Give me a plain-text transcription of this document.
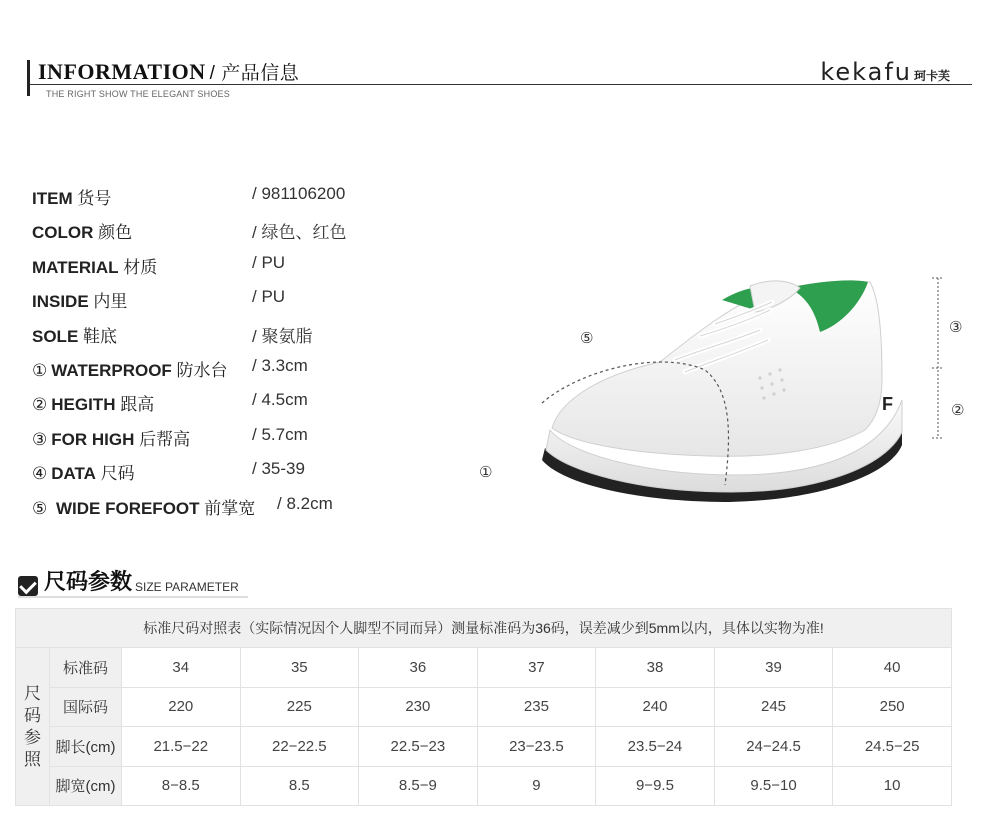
INFORMATION / 产品信息
THE RIGHT SHOW THE ELEGANT SHOES
kekafu 珂卡芙
ITEM 货号	/ 981106200
COLOR 颜色	/ 绿色、红色
MATERIAL 材质	/ PU
INSIDE 内里	/ PU
SOLE 鞋底	/ 聚氨脂
① WATERPROOF 防水台 / 3.3cm
② HEGITH 跟高	/ 4.5cm
③ FOR HIGH 后帮高	/ 5.7cm
④ DATA 尺码	/ 35-39
⑤ WIDE FOREFOOT 前掌宽 / 8.2cm
F
⑤
③
②
①
尺码参数 SIZE PARAMETER
标准尺码对照表（实际情况因个人脚型不同而异）测量标准码为36码，误差减少到5mm以内，具体以实物为准!								

尺
码
参
照	标准码	34	35	36	37	38	39	40
	国际码	220	225	230	235	240	245	250
	脚长(cm)	21.5−22	22−22.5	22.5−23	23−23.5	23.5−24	24−24.5	24.5−25
	脚宽(cm)	8−8.5	8.5	8.5−9	9	9−9.5	9.5−10	10
